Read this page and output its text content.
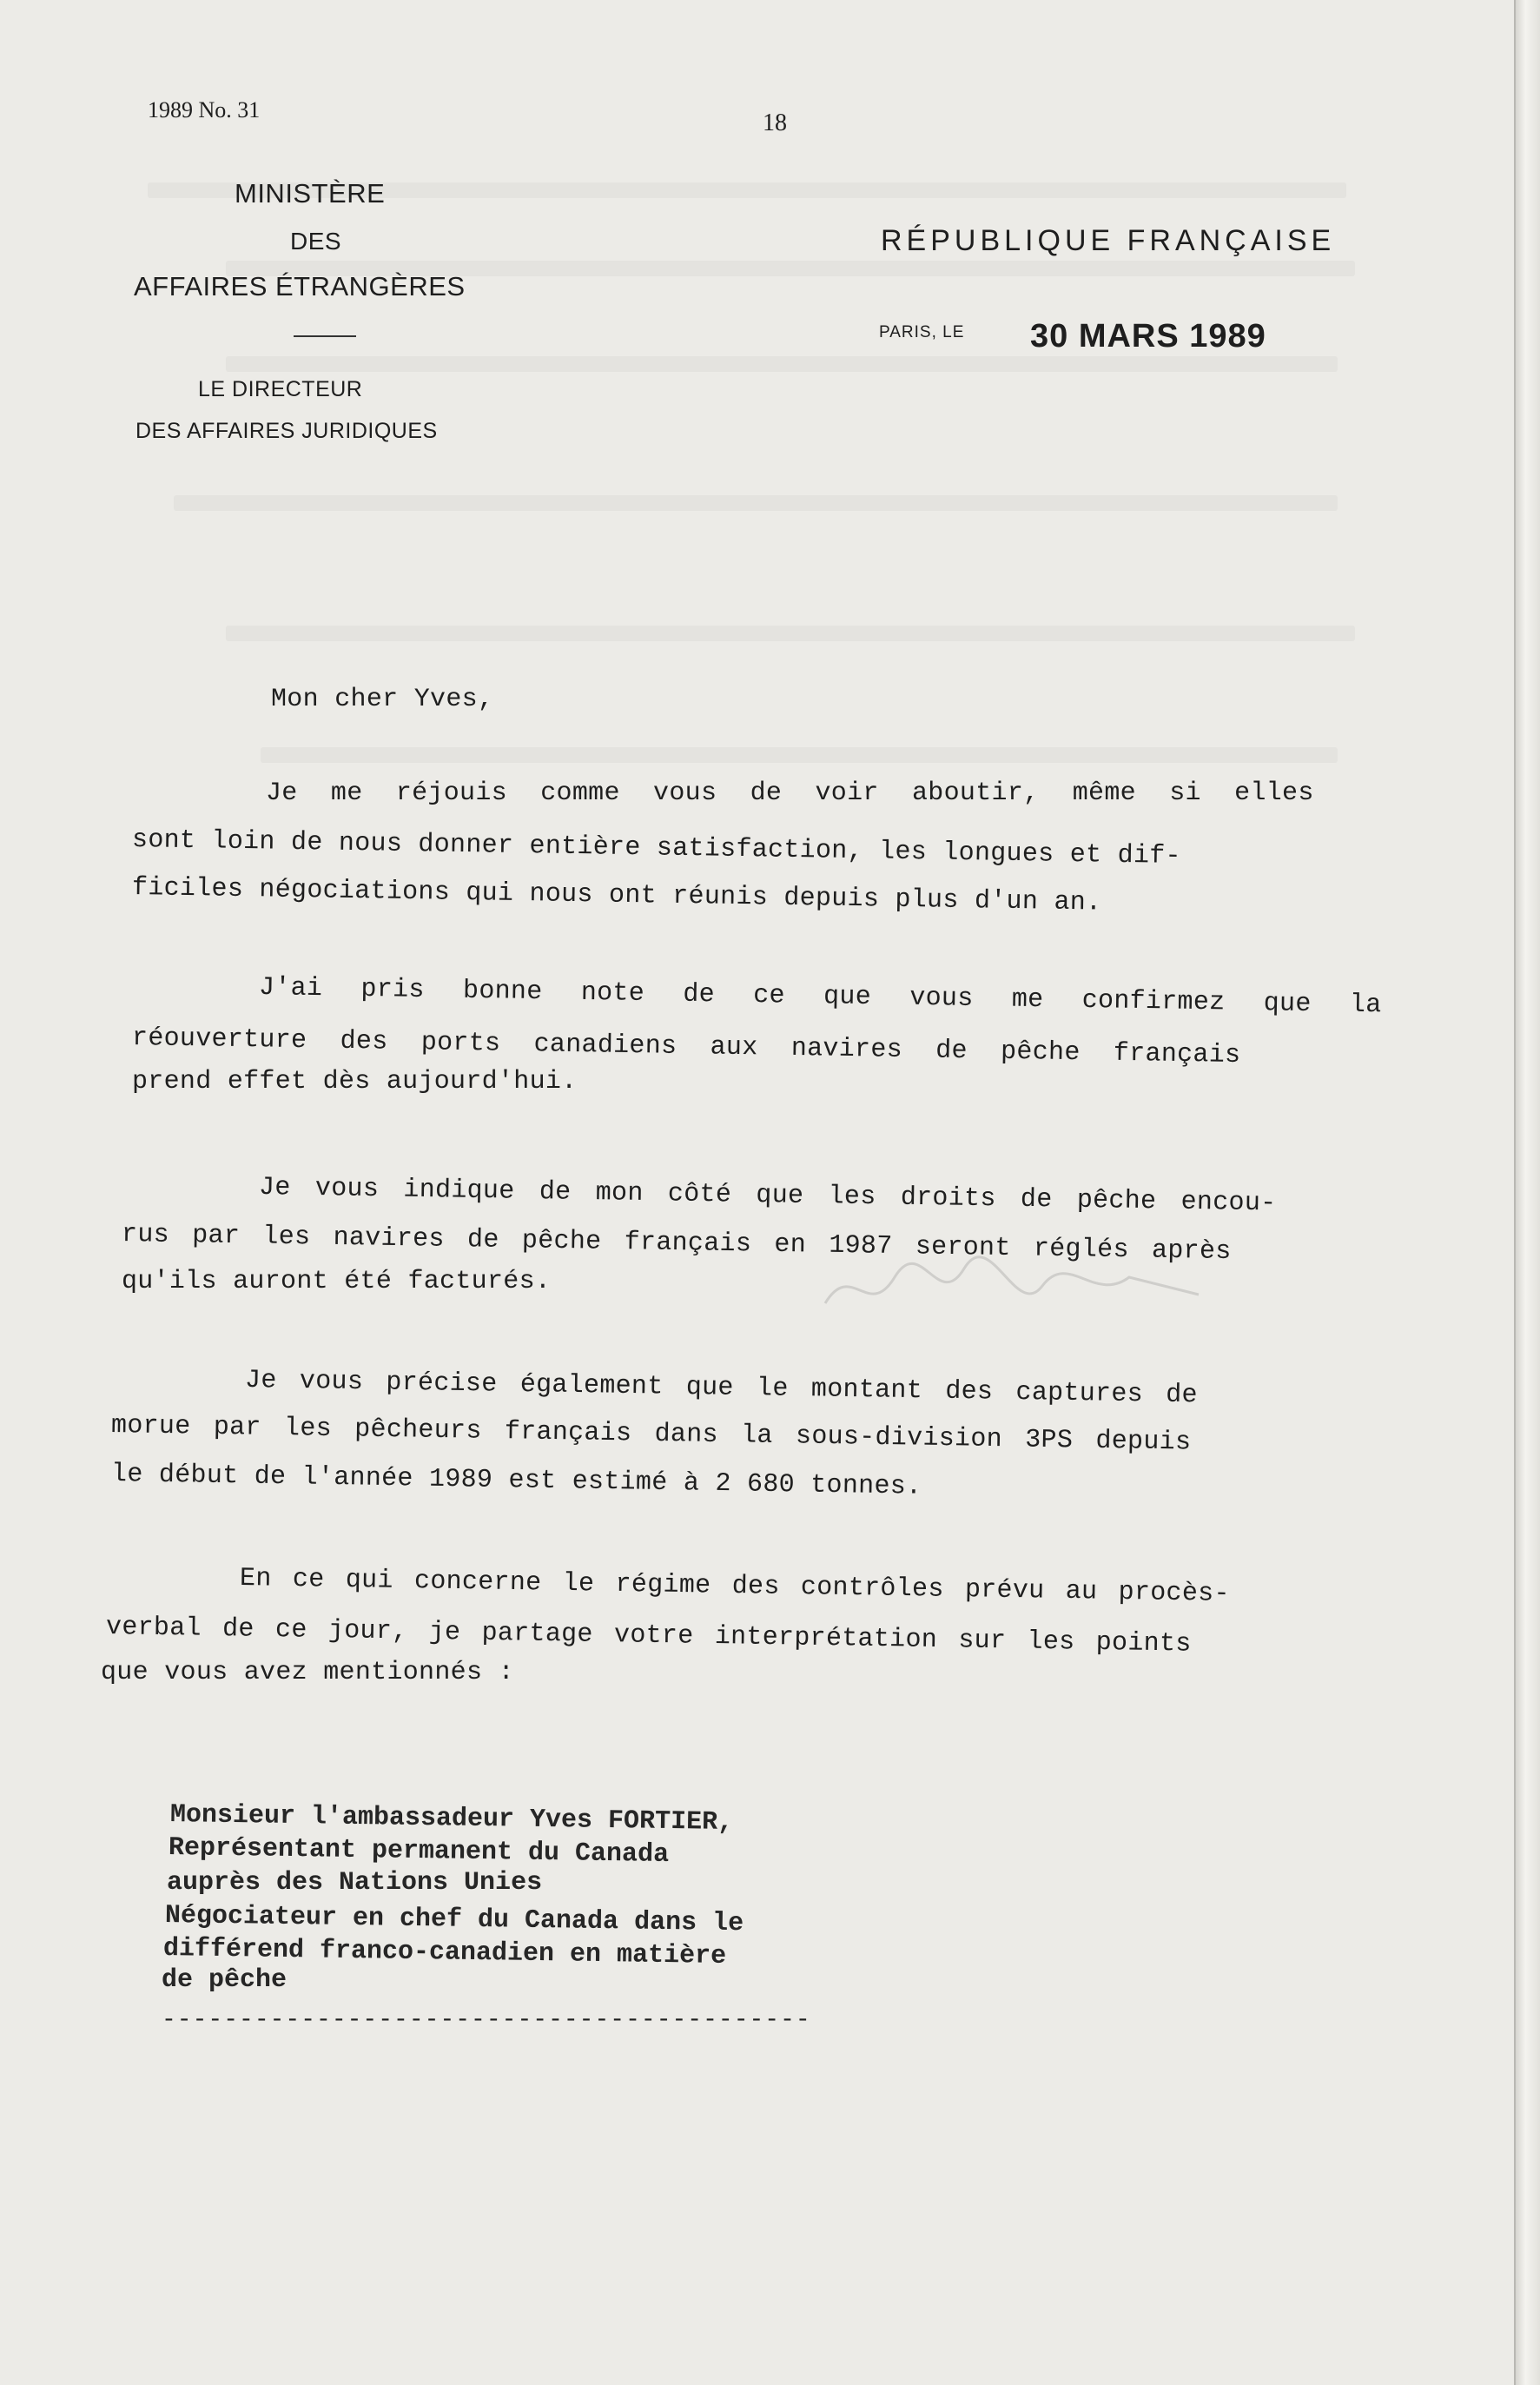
1989 No. 31	18
MINISTÈRE
DES
AFFAIRES ÉTRANGÈRES
LE DIRECTEUR
DES AFFAIRES JURIDIQUES
RÉPUBLIQUE FRANÇAISE
PARIS, LE 30 MARS 1989
Mon cher Yves,
Je me réjouis comme vous de voir aboutir, même si elles
sont loin de nous donner entière satisfaction, les longues et dif-
ficiles négociations qui nous ont réunis depuis plus d'un an.
J'ai pris bonne note de ce que vous me confirmez que la
réouverture des ports canadiens aux navires de pêche français
prend effet dès aujourd'hui.
Je vous indique de mon côté que les droits de pêche encou-
rus par les navires de pêche français en 1987 seront réglés après
qu'ils auront été facturés.
Je vous précise également que le montant des captures de
morue par les pêcheurs français dans la sous-division 3PS depuis
le début de l'année 1989 est estimé à 2 680 tonnes.
En ce qui concerne le régime des contrôles prévu au procès-
verbal de ce jour, je partage votre interprétation sur les points
que vous avez mentionnés :
Monsieur l'ambassadeur Yves FORTIER,
Représentant permanent du Canada
auprès des Nations Unies
Négociateur en chef du Canada dans le
différend franco-canadien en matière
de pêche
------------------------------------------
